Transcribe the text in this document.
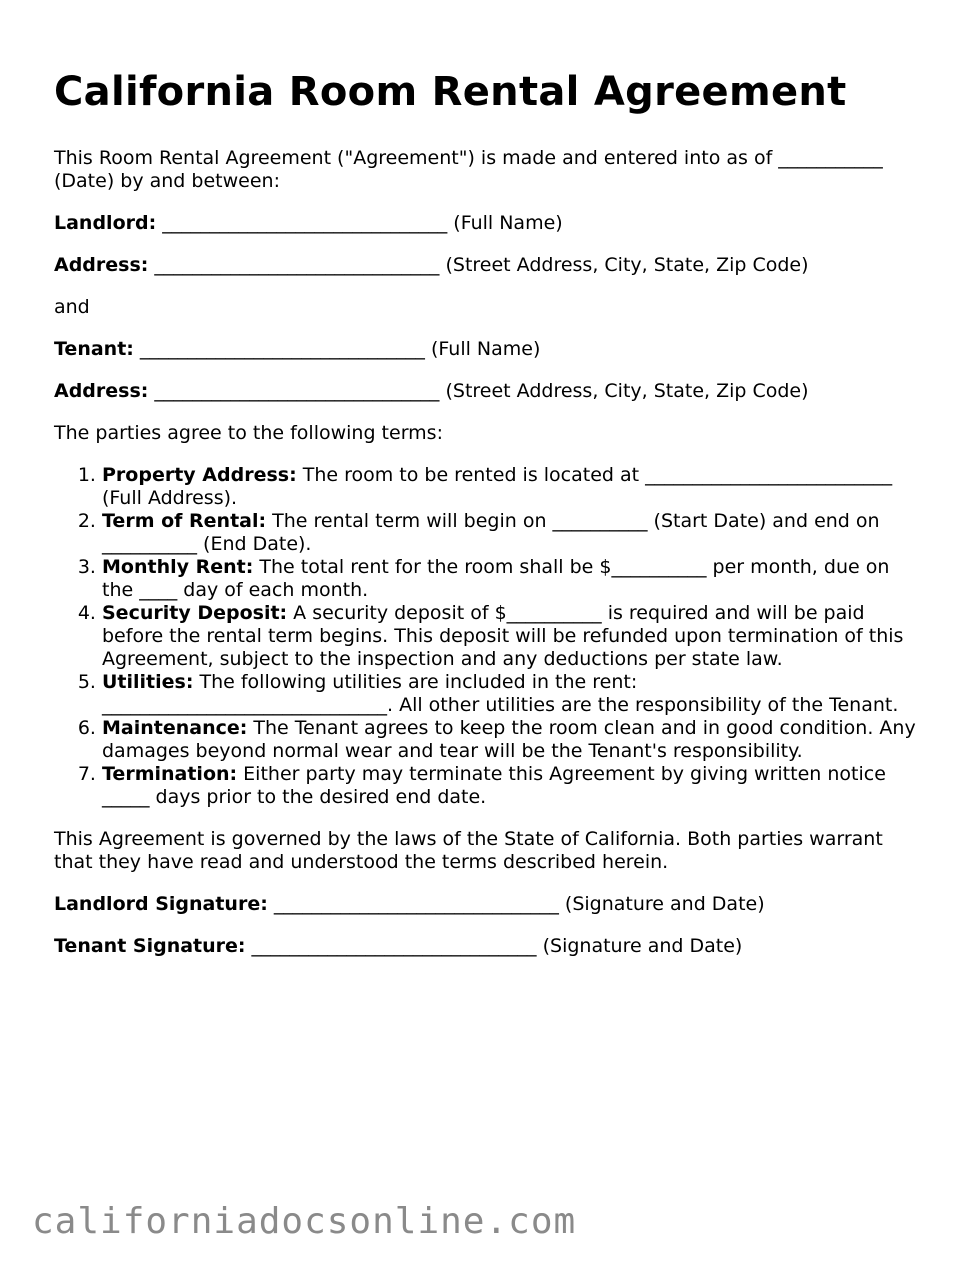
California Room Rental Agreement

This Room Rental Agreement ("Agreement") is made and entered into as of ___________ (Date) by and between:

Landlord: ______________________________ (Full Name)

Address: ______________________________ (Street Address, City, State, Zip Code)

and

Tenant: ______________________________ (Full Name)

Address: ______________________________ (Street Address, City, State, Zip Code)

The parties agree to the following terms:

1. Property Address: The room to be rented is located at __________________________ (Full Address).
2. Term of Rental: The rental term will begin on __________ (Start Date) and end on __________ (End Date).
3. Monthly Rent: The total rent for the room shall be $__________ per month, due on the ____ day of each month.
4. Security Deposit: A security deposit of $__________ is required and will be paid before the rental term begins. This deposit will be refunded upon termination of this Agreement, subject to the inspection and any deductions per state law.
5. Utilities: The following utilities are included in the rent: ______________________________. All other utilities are the responsibility of the Tenant.
6. Maintenance: The Tenant agrees to keep the room clean and in good condition. Any damages beyond normal wear and tear will be the Tenant's responsibility.
7. Termination: Either party may terminate this Agreement by giving written notice _____ days prior to the desired end date.

This Agreement is governed by the laws of the State of California. Both parties warrant that they have read and understood the terms described herein.

Landlord Signature: ______________________________ (Signature and Date)

Tenant Signature: ______________________________ (Signature and Date)

californiadocsonline.com
